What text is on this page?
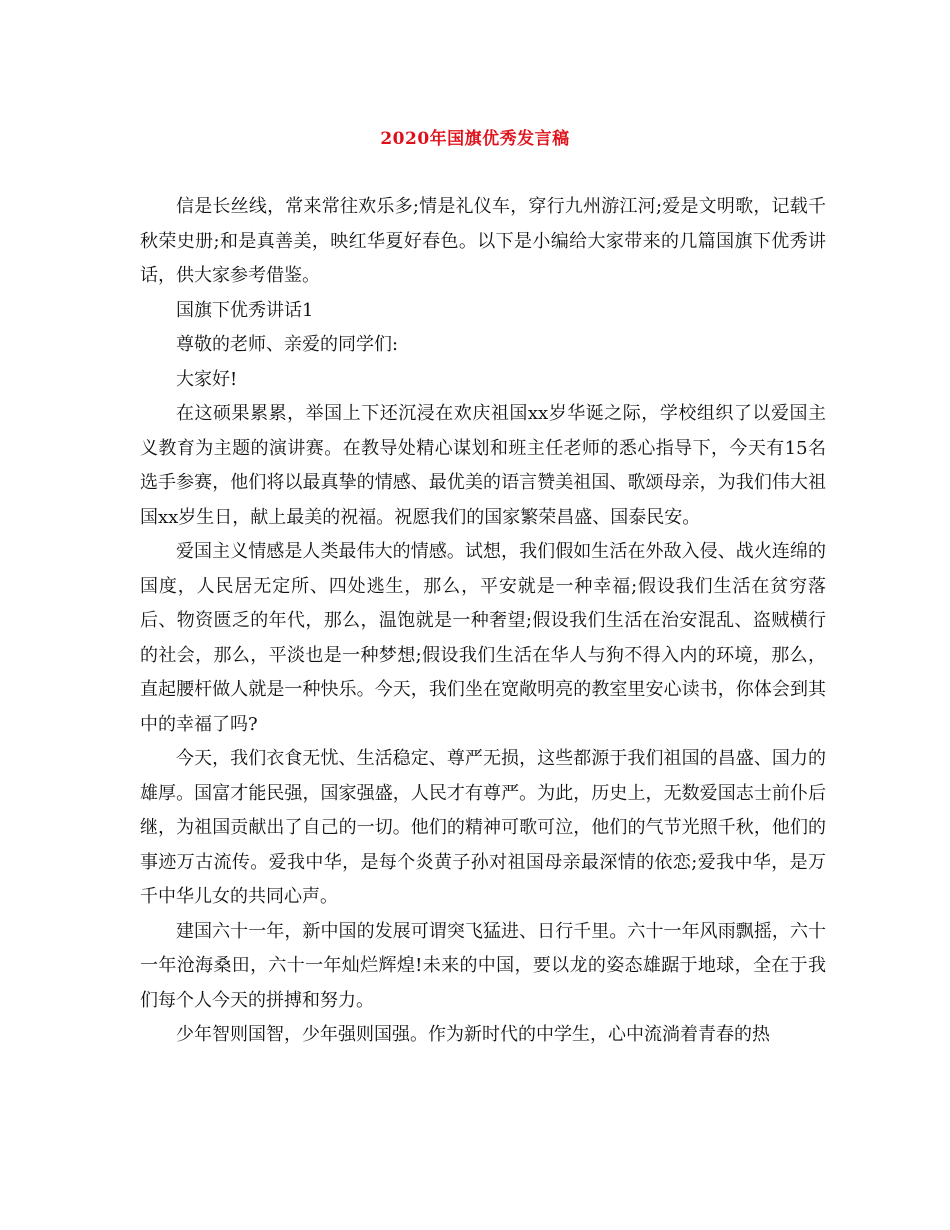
2020年国旗优秀发言稿

信是长丝线，常来常往欢乐多;情是礼仪车，穿行九州游江河;爱是文明歌，记载千秋荣史册;和是真善美，映红华夏好春色。以下是小编给大家带来的几篇国旗下优秀讲话，供大家参考借鉴。

国旗下优秀讲话1

尊敬的老师、亲爱的同学们:

大家好!

在这硕果累累，举国上下还沉浸在欢庆祖国xx岁华诞之际，学校组织了以爱国主义教育为主题的演讲赛。在教导处精心谋划和班主任老师的悉心指导下，今天有15名选手参赛，他们将以最真挚的情感、最优美的语言赞美祖国、歌颂母亲，为我们伟大祖国xx岁生日，献上最美的祝福。祝愿我们的国家繁荣昌盛、国泰民安。

爱国主义情感是人类最伟大的情感。试想，我们假如生活在外敌入侵、战火连绵的国度，人民居无定所、四处逃生，那么，平安就是一种幸福;假设我们生活在贫穷落后、物资匮乏的年代，那么，温饱就是一种奢望;假设我们生活在治安混乱、盗贼横行的社会，那么，平淡也是一种梦想;假设我们生活在华人与狗不得入内的环境，那么，直起腰杆做人就是一种快乐。今天，我们坐在宽敞明亮的教室里安心读书，你体会到其中的幸福了吗?

今天，我们衣食无忧、生活稳定、尊严无损，这些都源于我们祖国的昌盛、国力的雄厚。国富才能民强，国家强盛，人民才有尊严。为此，历史上，无数爱国志士前仆后继，为祖国贡献出了自己的一切。他们的精神可歌可泣，他们的气节光照千秋，他们的事迹万古流传。爱我中华，是每个炎黄子孙对祖国母亲最深情的依恋;爱我中华，是万千中华儿女的共同心声。

建国六十一年，新中国的发展可谓突飞猛进、日行千里。六十一年风雨飘摇，六十一年沧海桑田，六十一年灿烂辉煌!未来的中国，要以龙的姿态雄踞于地球，全在于我们每个人今天的拼搏和努力。

少年智则国智，少年强则国强。作为新时代的中学生，心中流淌着青春的热
